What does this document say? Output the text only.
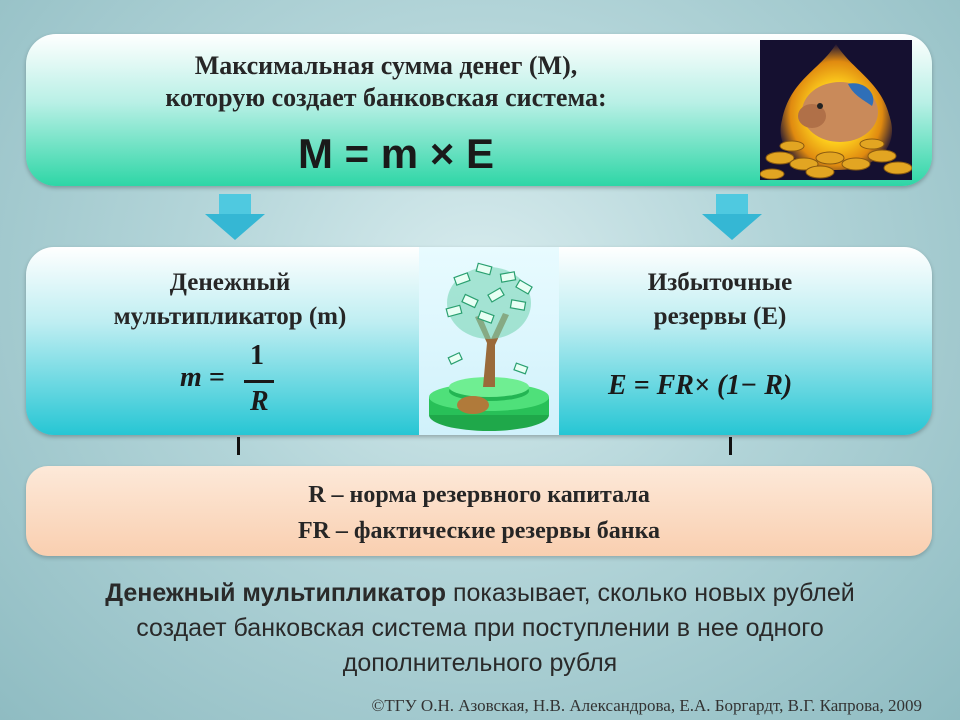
Максимальная сумма денег (М),
которую создает банковская система:
M = m × E
Денежный
мультипликатор (m)
m =
1
R
Избыточные
резервы (Е)
E = FR× (1− R)
R – норма резервного капитала
FR – фактические резервы банка
Денежный мультипликатор показывает, сколько новых рублей
создает банковская система при поступлении в нее одного
дополнительного рубля
©ТГУ О.Н. Азовская, Н.В. Александрова, Е.А. Боргардт, В.Г. Капрова, 2009
